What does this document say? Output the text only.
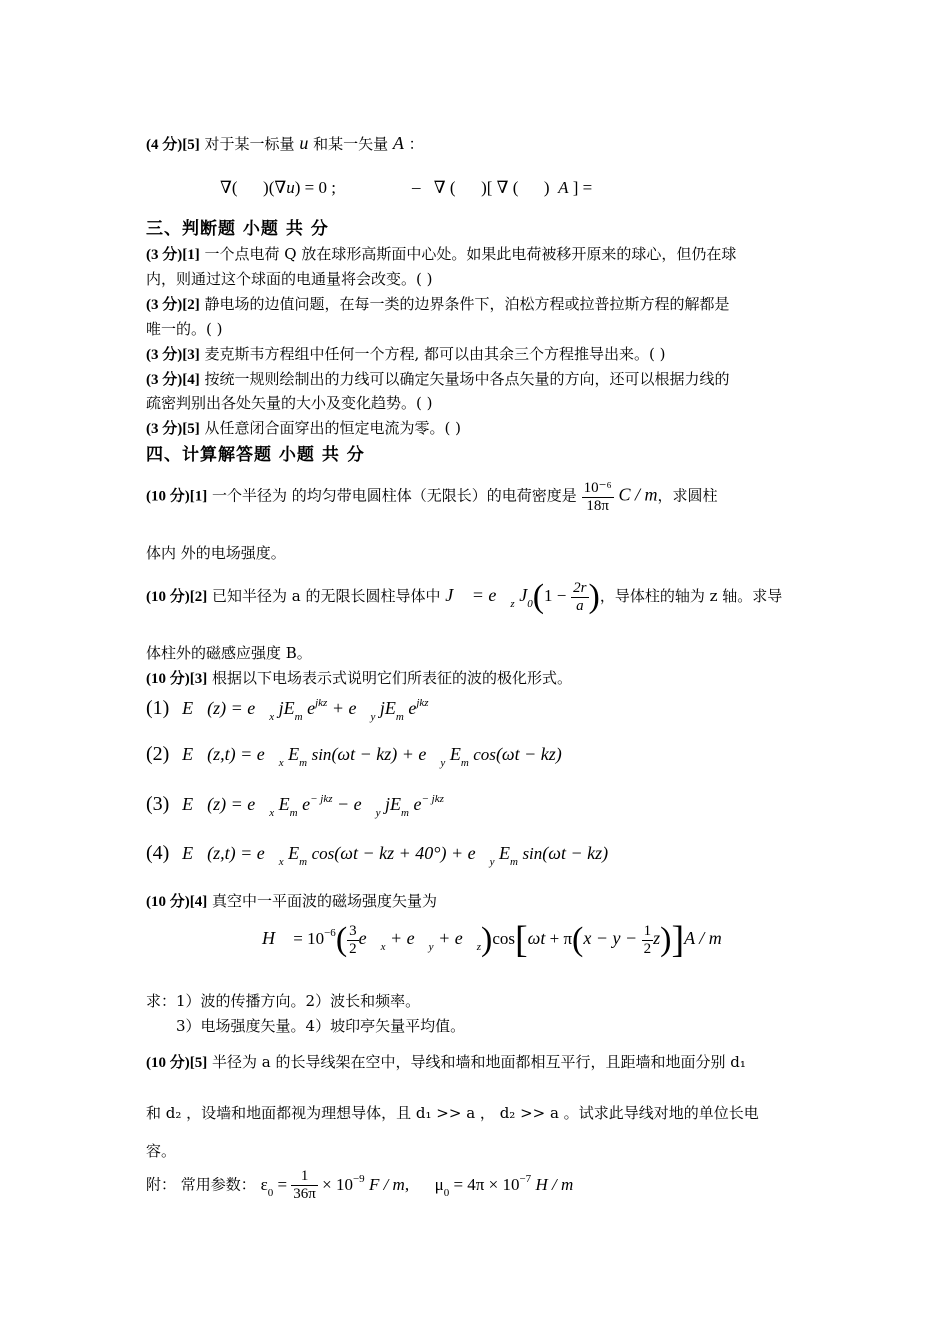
(4 分)[5] 对于某一标量 u 和某一矢量 A ：
∇(      )(∇u) = 0 ;	_   ∇ (      )[ ∇ (      )  A ] =
三、判断题 小题 共 分
(3 分)[1] 一个点电荷 Q 放在球形高斯面中心处。如果此电荷被移开原来的球心，但仍在球
内，则通过这个球面的电通量将会改变。( )
(3 分)[2] 静电场的边值问题，在每一类的边界条件下，泊松方程或拉普拉斯方程的解都是
唯一的。( )
(3 分)[3] 麦克斯韦方程组中任何一个方程, 都可以由其余三个方程推导出来。( )
(3 分)[4] 按统一规则绘制出的力线可以确定矢量场中各点矢量的方向，还可以根据力线的
疏密判别出各处矢量的大小及变化趋势。( )
(3 分)[5] 从任意闭合面穿出的恒定电流为零。( )
四、计算解答题 小题 共 分
(10 分)[1] 一个半径为 的均匀带电圆柱体（无限长）的电荷密度是 $\frac{\text{10⁻⁶}}{18\pi}$ C / m，求圆柱
体内 外的电场强度。
(10 分)[2] 已知半径为 a 的无限长圆柱导体中 J⃗ = $e⃗_z$ $J_0(1 - \frac{2r}{a}$ )，导体柱的轴为 z 轴。求导
体柱外的磁感应强度 B。
(10 分)[3] 根据以下电场表示式说明它们所表征的波的极化形式。
(1) E⃗(z) = $e⃗_x$ $jE_m$ $e^{jkz}$ + $e⃗_y$ $jE_m$ $e^{jkz}$
(2) E⃗(z,t) = $e⃗_x$ $E_m$ $\sin(\omega t - kz) + e⃗_y$ $E_m$ cos(ωt − kz)
(3) E⃗(z) = $e⃗_x$ $E_m$ $e^{- jkz}$ − $e⃗_y$ $jE_m$ $e^{- jkz}$
(4) E⃗(z,t) = $e⃗_x$ $E_m$ cos(ωt − kz + $40^\circ) + e⃗_y$ $E_m$ sin(ωt − kz)
(10 分)[4] 真空中一平面波的磁场强度矢量为
H⃗ = $10^{-6}( \frac{3}{2}$ $e⃗_x$ + $e⃗_y$ + $e⃗_z)\cos[\omega t + \pi(x - y - \frac{1}{2} z)]A / m$
求：1）波的传播方向。2）波长和频率。
3）电场强度矢量。4）坡印亭矢量平均值。
(10 分)[5] 半径为 a 的长导线架在空中，导线和墙和地面都相互平行，且距墙和地面分别 d₁
和 d₂ ，设墙和地面都视为理想导体，且 d₁ >> a ， d₂ >> a 。试求此导线对地的单位长电
容。
附： 常用参数： $\varepsilon_0 = \frac{1}{36\pi} \times 10^{-9}$ F / m,      $\mu_0 = 4\pi \times 10^{-7}$ H / m
